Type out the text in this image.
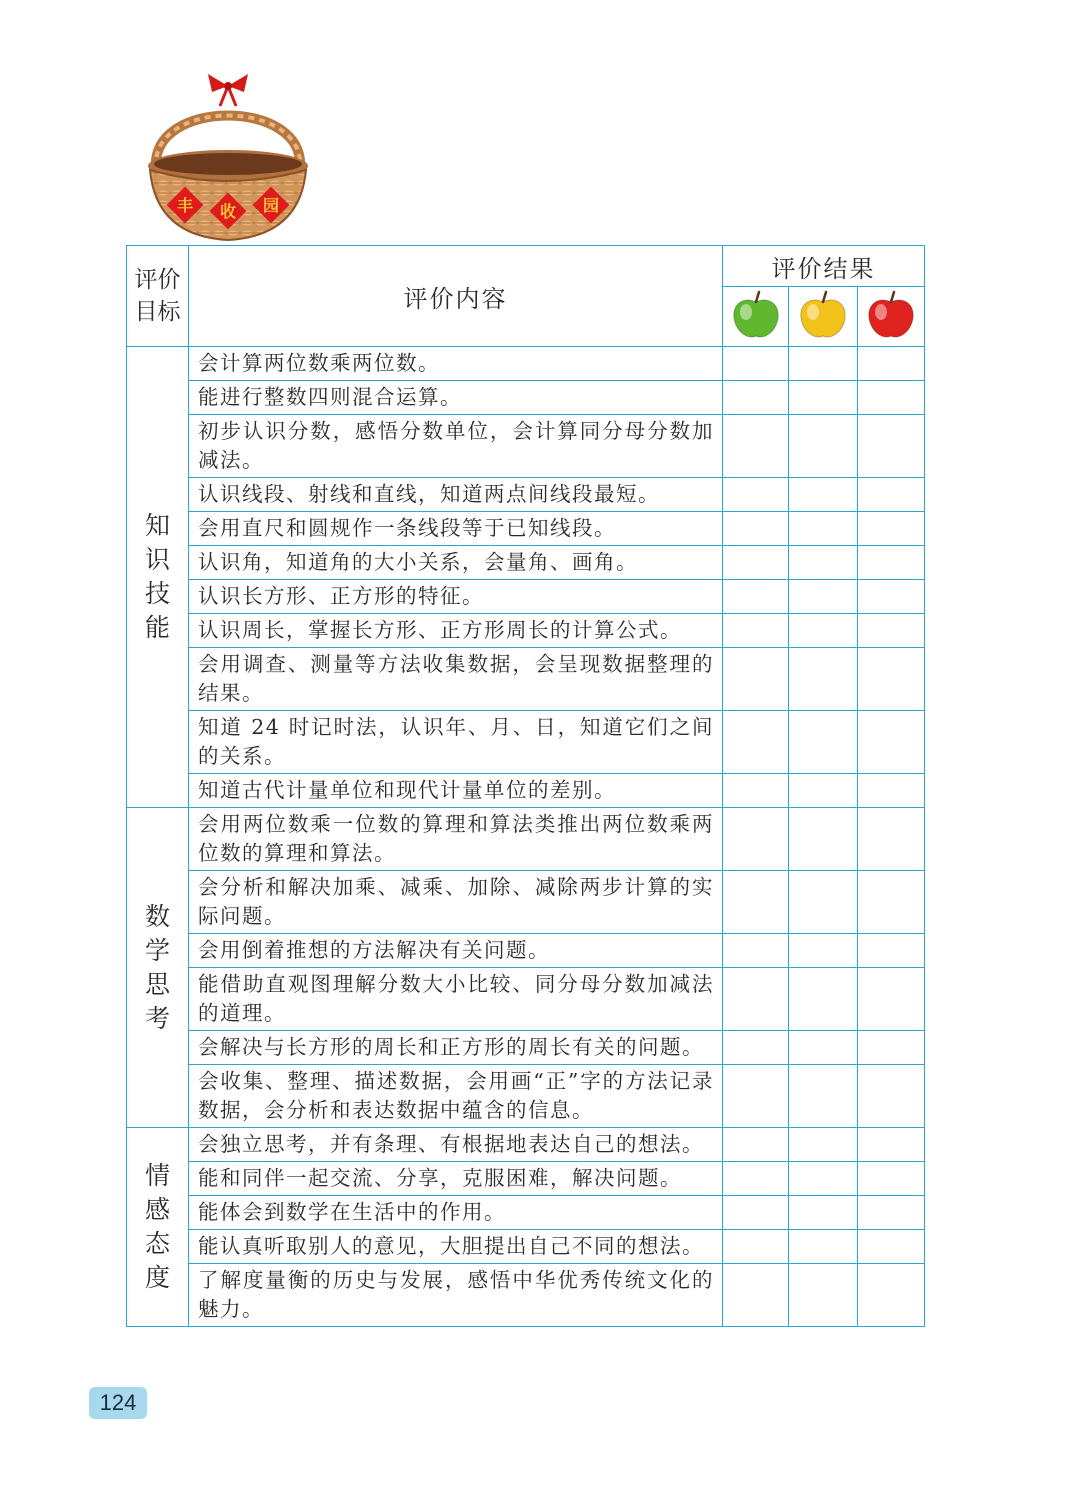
丰 收 园
评价目标	评价内容	评价结果		

知
识
技
能	会计算两位数乘两位数。			
	能进行整数四则混合运算。			
	初步认识分数，感悟分数单位，会计算同分母分数加减法。			
	认识线段、射线和直线，知道两点间线段最短。			
	会用直尺和圆规作一条线段等于已知线段。			
	认识角，知道角的大小关系，会量角、画角。			
	认识长方形、正方形的特征。			
	认识周长，掌握长方形、正方形周长的计算公式。			
	会用调查、测量等方法收集数据，会呈现数据整理的结果。			
	知道 24 时记时法，认识年、月、日，知道它们之间的关系。			
	知道古代计量单位和现代计量单位的差别。			

数
学
思
考	会用两位数乘一位数的算理和算法类推出两位数乘两位数的算理和算法。			
	会分析和解决加乘、减乘、加除、减除两步计算的实际问题。			
	会用倒着推想的方法解决有关问题。			
	能借助直观图理解分数大小比较、同分母分数加减法的道理。			
	会解决与长方形的周长和正方形的周长有关的问题。			
	会收集、整理、描述数据，会用画“正”字的方法记录数据，会分析和表达数据中蕴含的信息。			

情
感
态
度	会独立思考，并有条理、有根据地表达自己的想法。			
	能和同伴一起交流、分享，克服困难，解决问题。			
	能体会到数学在生活中的作用。			
	能认真听取别人的意见，大胆提出自己不同的想法。			
	了解度量衡的历史与发展，感悟中华优秀传统文化的魅力。			
124
